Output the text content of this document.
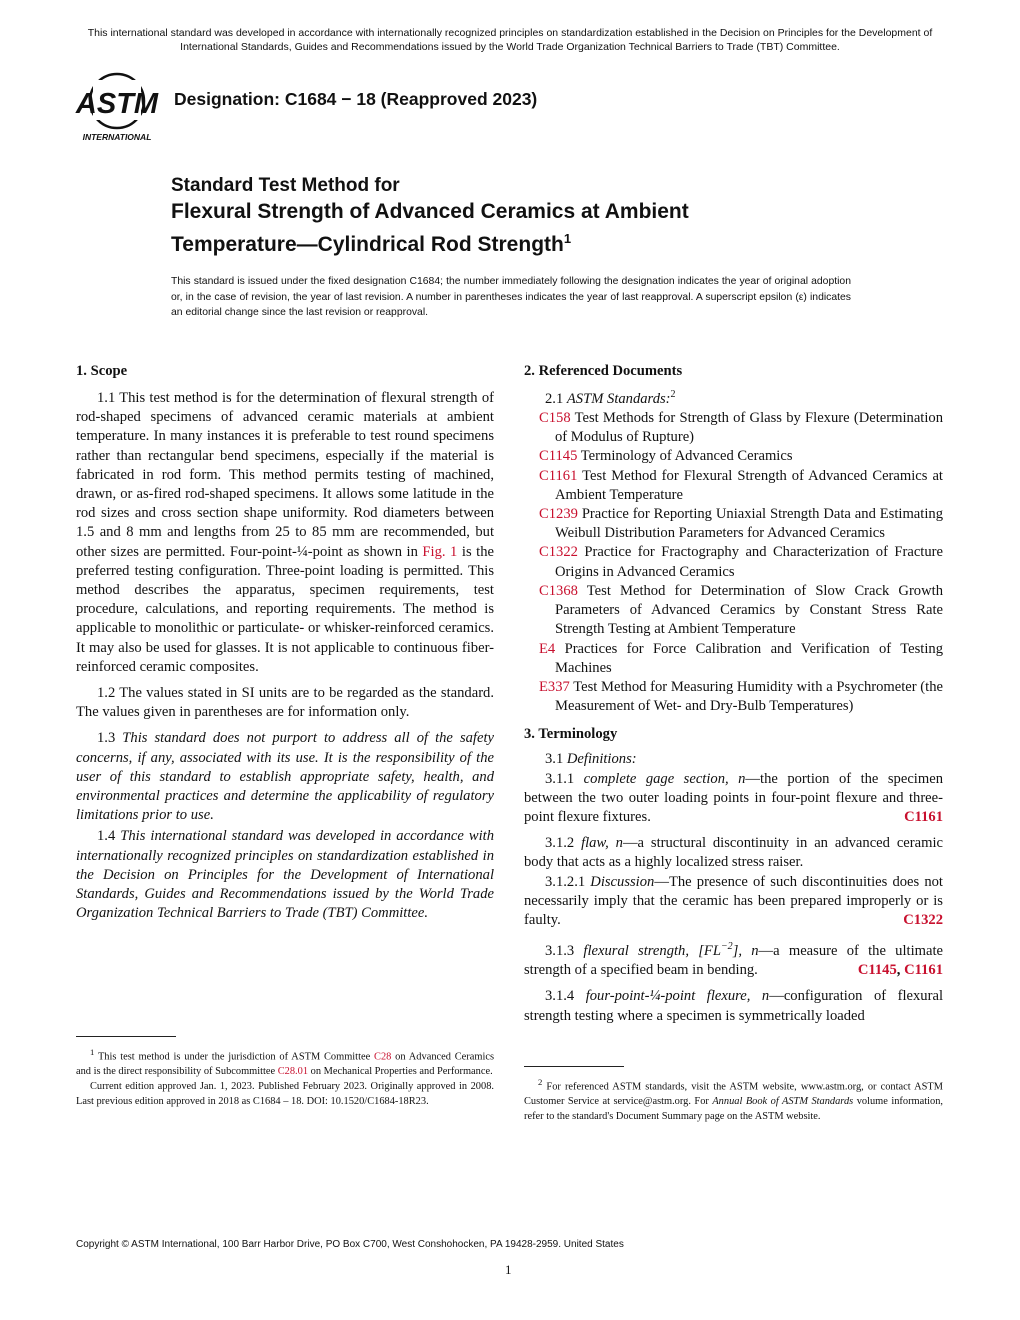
This international standard was developed in accordance with internationally recognized principles on standardization established in the Decision on Principles for the Development of International Standards, Guides and Recommendations issued by the World Trade Organization Technical Barriers to Trade (TBT) Committee.
ASTM
INTERNATIONAL
Designation: C1684 − 18 (Reapproved 2023)
Standard Test Method for
Flexural Strength of Advanced Ceramics at Ambient
Temperature—Cylindrical Rod Strength$^1$
This standard is issued under the fixed designation C1684; the number immediately following the designation indicates the year of original adoption or, in the case of revision, the year of last revision. A number in parentheses indicates the year of last reapproval. A superscript epsilon (ε) indicates an editorial change since the last revision or reapproval.
1. Scope

1.1 This test method is for the determination of flexural strength of rod-shaped specimens of advanced ceramic materials at ambient temperature. In many instances it is preferable to test round specimens rather than rectangular bend specimens, especially if the material is fabricated in rod form. This method permits testing of machined, drawn, or as-fired rod-shaped specimens. It allows some latitude in the rod sizes and cross section shape uniformity. Rod diameters between 1.5 and 8 mm and lengths from 25 to 85 mm are recommended, but other sizes are permitted. Four-point-¼-point as shown in Fig. 1 is the preferred testing configuration. Three-point loading is permitted. This method describes the apparatus, specimen requirements, test procedure, calculations, and reporting requirements. The method is applicable to monolithic or particulate- or whisker-reinforced ceramics. It may also be used for glasses. It is not applicable to continuous fiber-reinforced ceramic composites.

1.2 The values stated in SI units are to be regarded as the standard. The values given in parentheses are for information only.

1.3 This standard does not purport to address all of the safety concerns, if any, associated with its use. It is the responsibility of the user of this standard to establish appropriate safety, health, and environmental practices and determine the applicability of regulatory limitations prior to use.

1.4 This international standard was developed in accordance with internationally recognized principles on standardization established in the Decision on Principles for the Development of International Standards, Guides and Recommendations issued by the World Trade Organization Technical Barriers to Trade (TBT) Committee.

$^1$ This test method is under the jurisdiction of ASTM Committee C28 on Advanced Ceramics and is the direct responsibility of Subcommittee C28.01 on Mechanical Properties and Performance.

Current edition approved Jan. 1, 2023. Published February 2023. Originally approved in 2008. Last previous edition approved in 2018 as C1684 – 18. DOI: 10.1520/C1684-18R23.

2. Referenced Documents

2.1 ASTM Standards:$^2$

C158 Test Methods for Strength of Glass by Flexure (Determination of Modulus of Rupture)

C1145 Terminology of Advanced Ceramics

C1161 Test Method for Flexural Strength of Advanced Ceramics at Ambient Temperature

C1239 Practice for Reporting Uniaxial Strength Data and Estimating Weibull Distribution Parameters for Advanced Ceramics

C1322 Practice for Fractography and Characterization of Fracture Origins in Advanced Ceramics

C1368 Test Method for Determination of Slow Crack Growth Parameters of Advanced Ceramics by Constant Stress Rate Strength Testing at Ambient Temperature

E4 Practices for Force Calibration and Verification of Testing Machines

E337 Test Method for Measuring Humidity with a Psychrometer (the Measurement of Wet- and Dry-Bulb Temperatures)

3. Terminology

3.1 Definitions:

3.1.1 complete gage section, n—the portion of the specimen between the two outer loading points in four-point flexure and three-point flexure fixtures.	C1161

3.1.2 flaw, n—a structural discontinuity in an advanced ceramic body that acts as a highly localized stress raiser.

3.1.2.1 Discussion—The presence of such discontinuities does not necessarily imply that the ceramic has been prepared improperly or is faulty.	C1322

3.1.3 flexural strength, $[FL^{-2}]$, n—a measure of the ultimate strength of a specified beam in bending.	C1145, C1161

3.1.4 four-point-¼-point flexure, n—configuration of flexural strength testing where a specimen is symmetrically loaded

$^2$ For referenced ASTM standards, visit the ASTM website, www.astm.org, or contact ASTM Customer Service at service@astm.org. For Annual Book of ASTM Standards volume information, refer to the standard's Document Summary page on the ASTM website.

Copyright © ASTM International, 100 Barr Harbor Drive, PO Box C700, West Conshohocken, PA 19428-2959. United States
1
